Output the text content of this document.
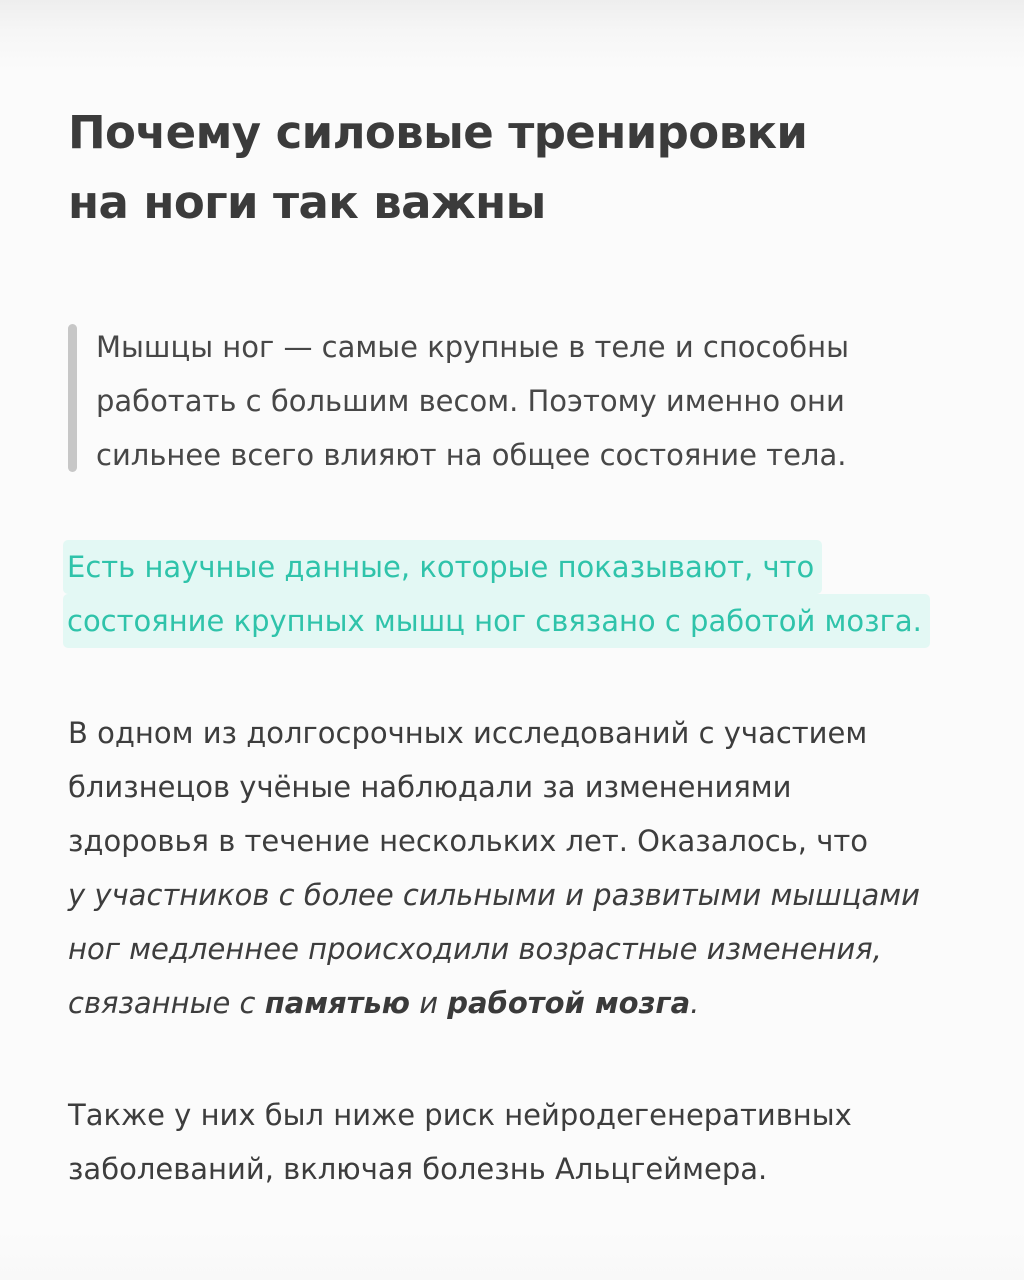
Почему силовые тренировки
на ноги так важны

Мышцы ног — самые крупные в теле и способны
работать с большим весом. Поэтому именно они
сильнее всего влияют на общее состояние тела.

Есть научные данные, которые показывают, что
состояние крупных мышц ног связано с работой мозга.

В одном из долгосрочных исследований с участием
близнецов учёные наблюдали за изменениями
здоровья в течение нескольких лет. Оказалось, что
у участников с более сильными и развитыми мышцами
ног медленнее происходили возрастные изменения,
связанные с памятью и работой мозга.

Также у них был ниже риск нейродегенеративных
заболеваний, включая болезнь Альцгеймера.
